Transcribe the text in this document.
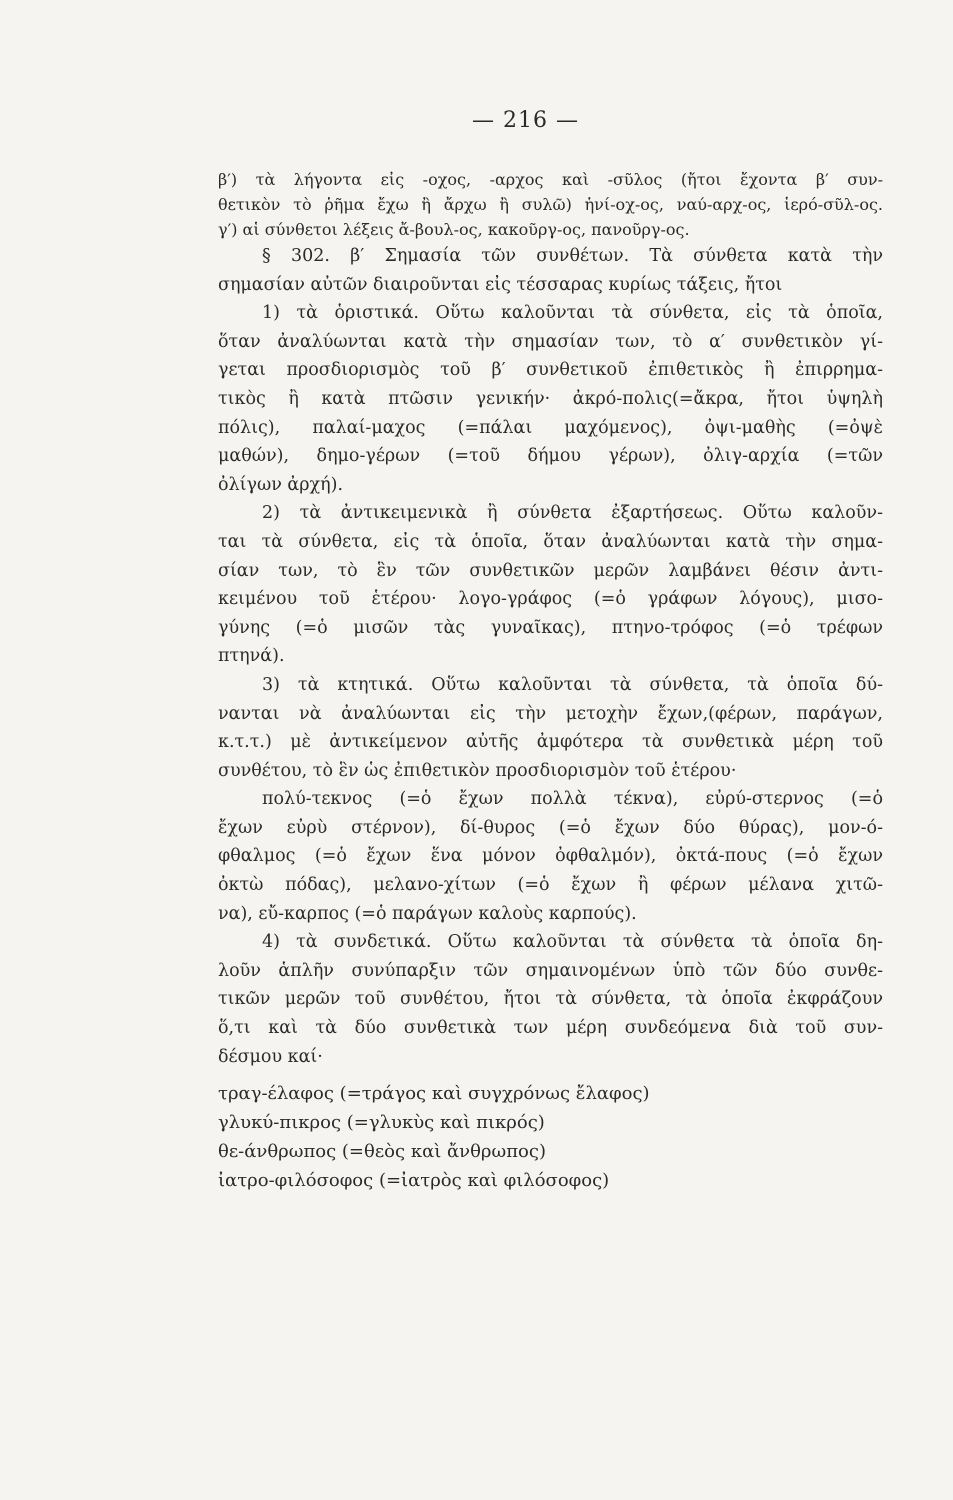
— 216 —
β′) τὰ λήγοντα εἰς -οχος, -αρχος καὶ -σῦλος (ἤτοι ἔχοντα β′ συν-
θετικὸν τὸ ῥῆμα ἔχω ἢ ἄρχω ἢ συλῶ) ἡνί-οχ-ος, ναύ-αρχ-ος, ἱερό-σῦλ-ος.
γ′) αἱ σύνθετοι λέξεις ἄ-βουλ-ος, κακοῦργ-ος, πανοῦργ-ος.
§ 302. β′ Σημασία τῶν συνθέτων. Τὰ σύνθετα κατὰ τὴν
σημασίαν αὐτῶν διαιροῦνται εἰς τέσσαρας κυρίως τάξεις, ἤτοι
1) τὰ ὁριστικά. Οὕτω καλοῦνται τὰ σύνθετα, εἰς τὰ ὁποῖα,
ὅταν ἀναλύωνται κατὰ τὴν σημασίαν των, τὸ α′ συνθετικὸν γί-
γεται προσδιορισμὸς τοῦ β′ συνθετικοῦ ἐπιθετικὸς ἢ ἐπιρρημα-
τικὸς ἢ κατὰ πτῶσιν γενικήν· ἀκρό-πολις(=ἄκρα, ἤτοι ὑψηλὴ
πόλις), παλαί-μαχος (=πάλαι μαχόμενος), ὀψι-μαθὴς (=ὀψὲ
μαθών), δημο-γέρων (=τοῦ δήμου γέρων), ὀλιγ-αρχία (=τῶν
ὀλίγων ἀρχή).
2) τὰ ἀντικειμενικὰ ἢ σύνθετα ἐξαρτήσεως. Οὕτω καλοῦν-
ται τὰ σύνθετα, εἰς τὰ ὁποῖα, ὅταν ἀναλύωνται κατὰ τὴν σημα-
σίαν των, τὸ ἓν τῶν συνθετικῶν μερῶν λαμβάνει θέσιν ἀντι-
κειμένου τοῦ ἑτέρου· λογο-γράφος (=ὁ γράφων λόγους), μισο-
γύνης (=ὁ μισῶν τὰς γυναῖκας), πτηνο-τρόφος (=ὁ τρέφων
πτηνά).
3) τὰ κτητικά. Οὕτω καλοῦνται τὰ σύνθετα, τὰ ὁποῖα δύ-
νανται νὰ ἀναλύωνται εἰς τὴν μετοχὴν ἔχων,(φέρων, παράγων,
κ.τ.τ.) μὲ ἀντικείμενον αὐτῆς ἀμφότερα τὰ συνθετικὰ μέρη τοῦ
συνθέτου, τὸ ἓν ὡς ἐπιθετικὸν προσδιορισμὸν τοῦ ἑτέρου·
πολύ-τεκνος (=ὁ ἔχων πολλὰ τέκνα), εὐρύ-στερνος (=ὁ
ἔχων εὐρὺ στέρνον), δί-θυρος (=ὁ ἔχων δύο θύρας), μον-ό-
φθαλμος (=ὁ ἔχων ἕνα μόνον ὀφθαλμόν), ὀκτά-πους (=ὁ ἔχων
ὀκτὼ πόδας), μελανο-χίτων (=ὁ ἔχων ἢ φέρων μέλανα χιτῶ-
να), εὔ-καρπος (=ὁ παράγων καλοὺς καρπούς).
4) τὰ συνδετικά. Οὕτω καλοῦνται τὰ σύνθετα τὰ ὁποῖα δη-
λοῦν ἁπλῆν συνύπαρξιν τῶν σημαινομένων ὑπὸ τῶν δύο συνθε-
τικῶν μερῶν τοῦ συνθέτου, ἤτοι τὰ σύνθετα, τὰ ὁποῖα ἐκφράζουν
ὅ,τι καὶ τὰ δύο συνθετικὰ των μέρη συνδεόμενα διὰ τοῦ συν-
δέσμου καί·
τραγ-έλαφος (=τράγος καὶ συγχρόνως ἔλαφος)
γλυκύ-πικρος (=γλυκὺς καὶ πικρός)
θε-άνθρωπος (=θεὸς καὶ ἄνθρωπος)
ἰατρο-φιλόσοφος (=ἰατρὸς καὶ φιλόσοφος)
